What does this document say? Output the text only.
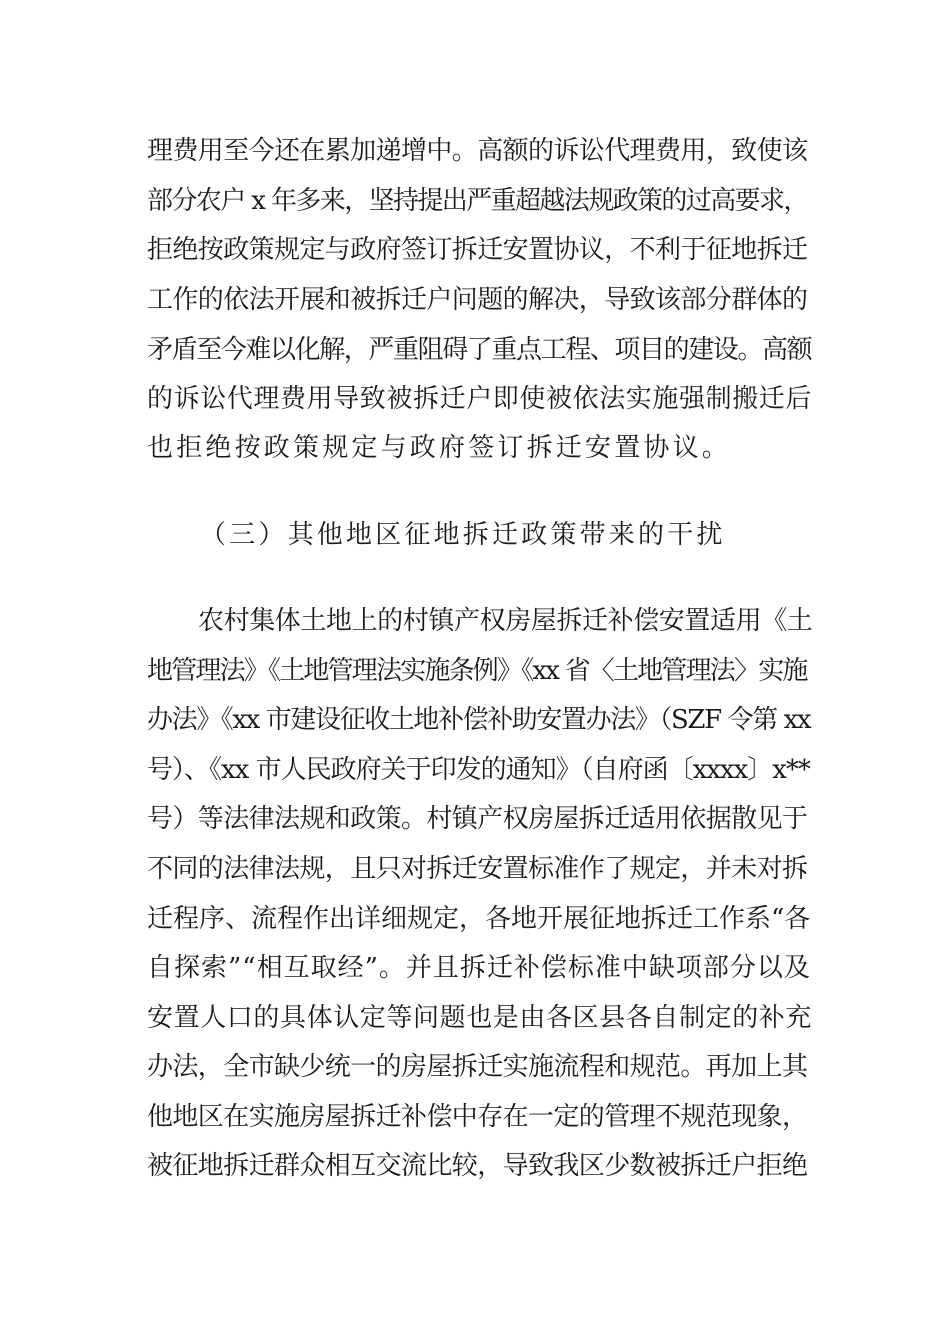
理费用至今还在累加递增中。高额的诉讼代理费用，致使该
部分农户 x 年多来，坚持提出严重超越法规政策的过高要求，
拒绝按政策规定与政府签订拆迁安置协议，不利于征地拆迁
工作的依法开展和被拆迁户问题的解决，导致该部分群体的
矛盾至今难以化解，严重阻碍了重点工程、项目的建设。高额
的诉讼代理费用导致被拆迁户即使被依法实施强制搬迁后
也拒绝按政策规定与政府签订拆迁安置协议。
（三）其他地区征地拆迁政策带来的干扰
农村集体土地上的村镇产权房屋拆迁补偿安置适用《土
地管理法》《土地管理法实施条例》《xx 省〈土地管理法〉实施
办法》《xx 市建设征收土地补偿补助安置办法》（SZF 令第 xx
号）、《xx 市人民政府关于印发的通知》（自府函〔xxxx〕x**
号）等法律法规和政策。村镇产权房屋拆迁适用依据散见于
不同的法律法规，且只对拆迁安置标准作了规定，并未对拆
迁程序、流程作出详细规定，各地开展征地拆迁工作系“各
自探索”“相互取经”。并且拆迁补偿标准中缺项部分以及
安置人口的具体认定等问题也是由各区县各自制定的补充
办法，全市缺少统一的房屋拆迁实施流程和规范。再加上其
他地区在实施房屋拆迁补偿中存在一定的管理不规范现象，
被征地拆迁群众相互交流比较，导致我区少数被拆迁户拒绝
